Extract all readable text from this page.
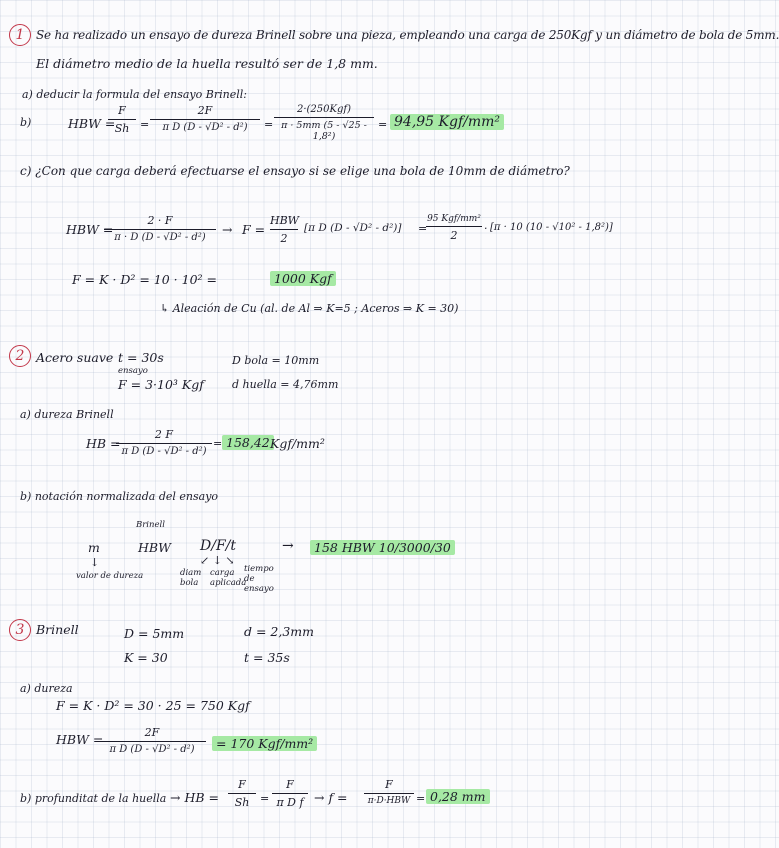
1 Se ha realizado un ensayo de dureza Brinell sobre una pieza, empleando una carga de 250Kgf y un diámetro de bola de 5mm.
El diámetro medio de la huella resultó ser de 1,8 mm.
a) deducir la formula del ensayo Brinell:
b)	HBW =
F
Sh =
2F
π D (D - √D² - d²)	=
2·(250Kgf)
π · 5mm (5 - √25 - 1,8²)
= 94,95 Kgf/mm²
c) ¿Con que carga deberá efectuarse el ensayo si se elige una bola de 10mm de diámetro?
HBW =
2 · F
π · D (D - √D² - d²)
→ F =
HBW
2
[π D (D - √D² - d²)] =
95 Kgf/mm²
2
· [π · 10 (10 - √10² - 1,8²)]
F = K · D² = 10 · 10² =	1000 Kgf
↳ Aleación de Cu (al. de Al ⇒ K=5 ; Aceros ⇒ K = 30)
2 Acero suave t = 30s
ensayo
F = 3·10³ Kgf
D bola = 10mm
d huella = 4,76mm
a) dureza Brinell
HB =
2 F
π D (D - √D² - d²)
= 158,42 Kgf/mm²
b) notación normalizada del ensayo
Brinell
m	HBW D/F/t	→	158 HBW 10/3000/30
↓
valor de dureza
↙ ↓ ↘
diam bola
carga aplicada
tiempo de ensayo
3 Brinell	D = 5mm
K = 30
d = 2,3mm
t = 35s
a) dureza
F = K · D² = 30 · 25 = 750 Kgf
HBW =	2F
π D (D - √D² - d²)	= 170 Kgf/mm²
b) profunditat de la huella → HB =
F
Sh =
F
π D f → f =
F
π·D·HBW = 0,28 mm
